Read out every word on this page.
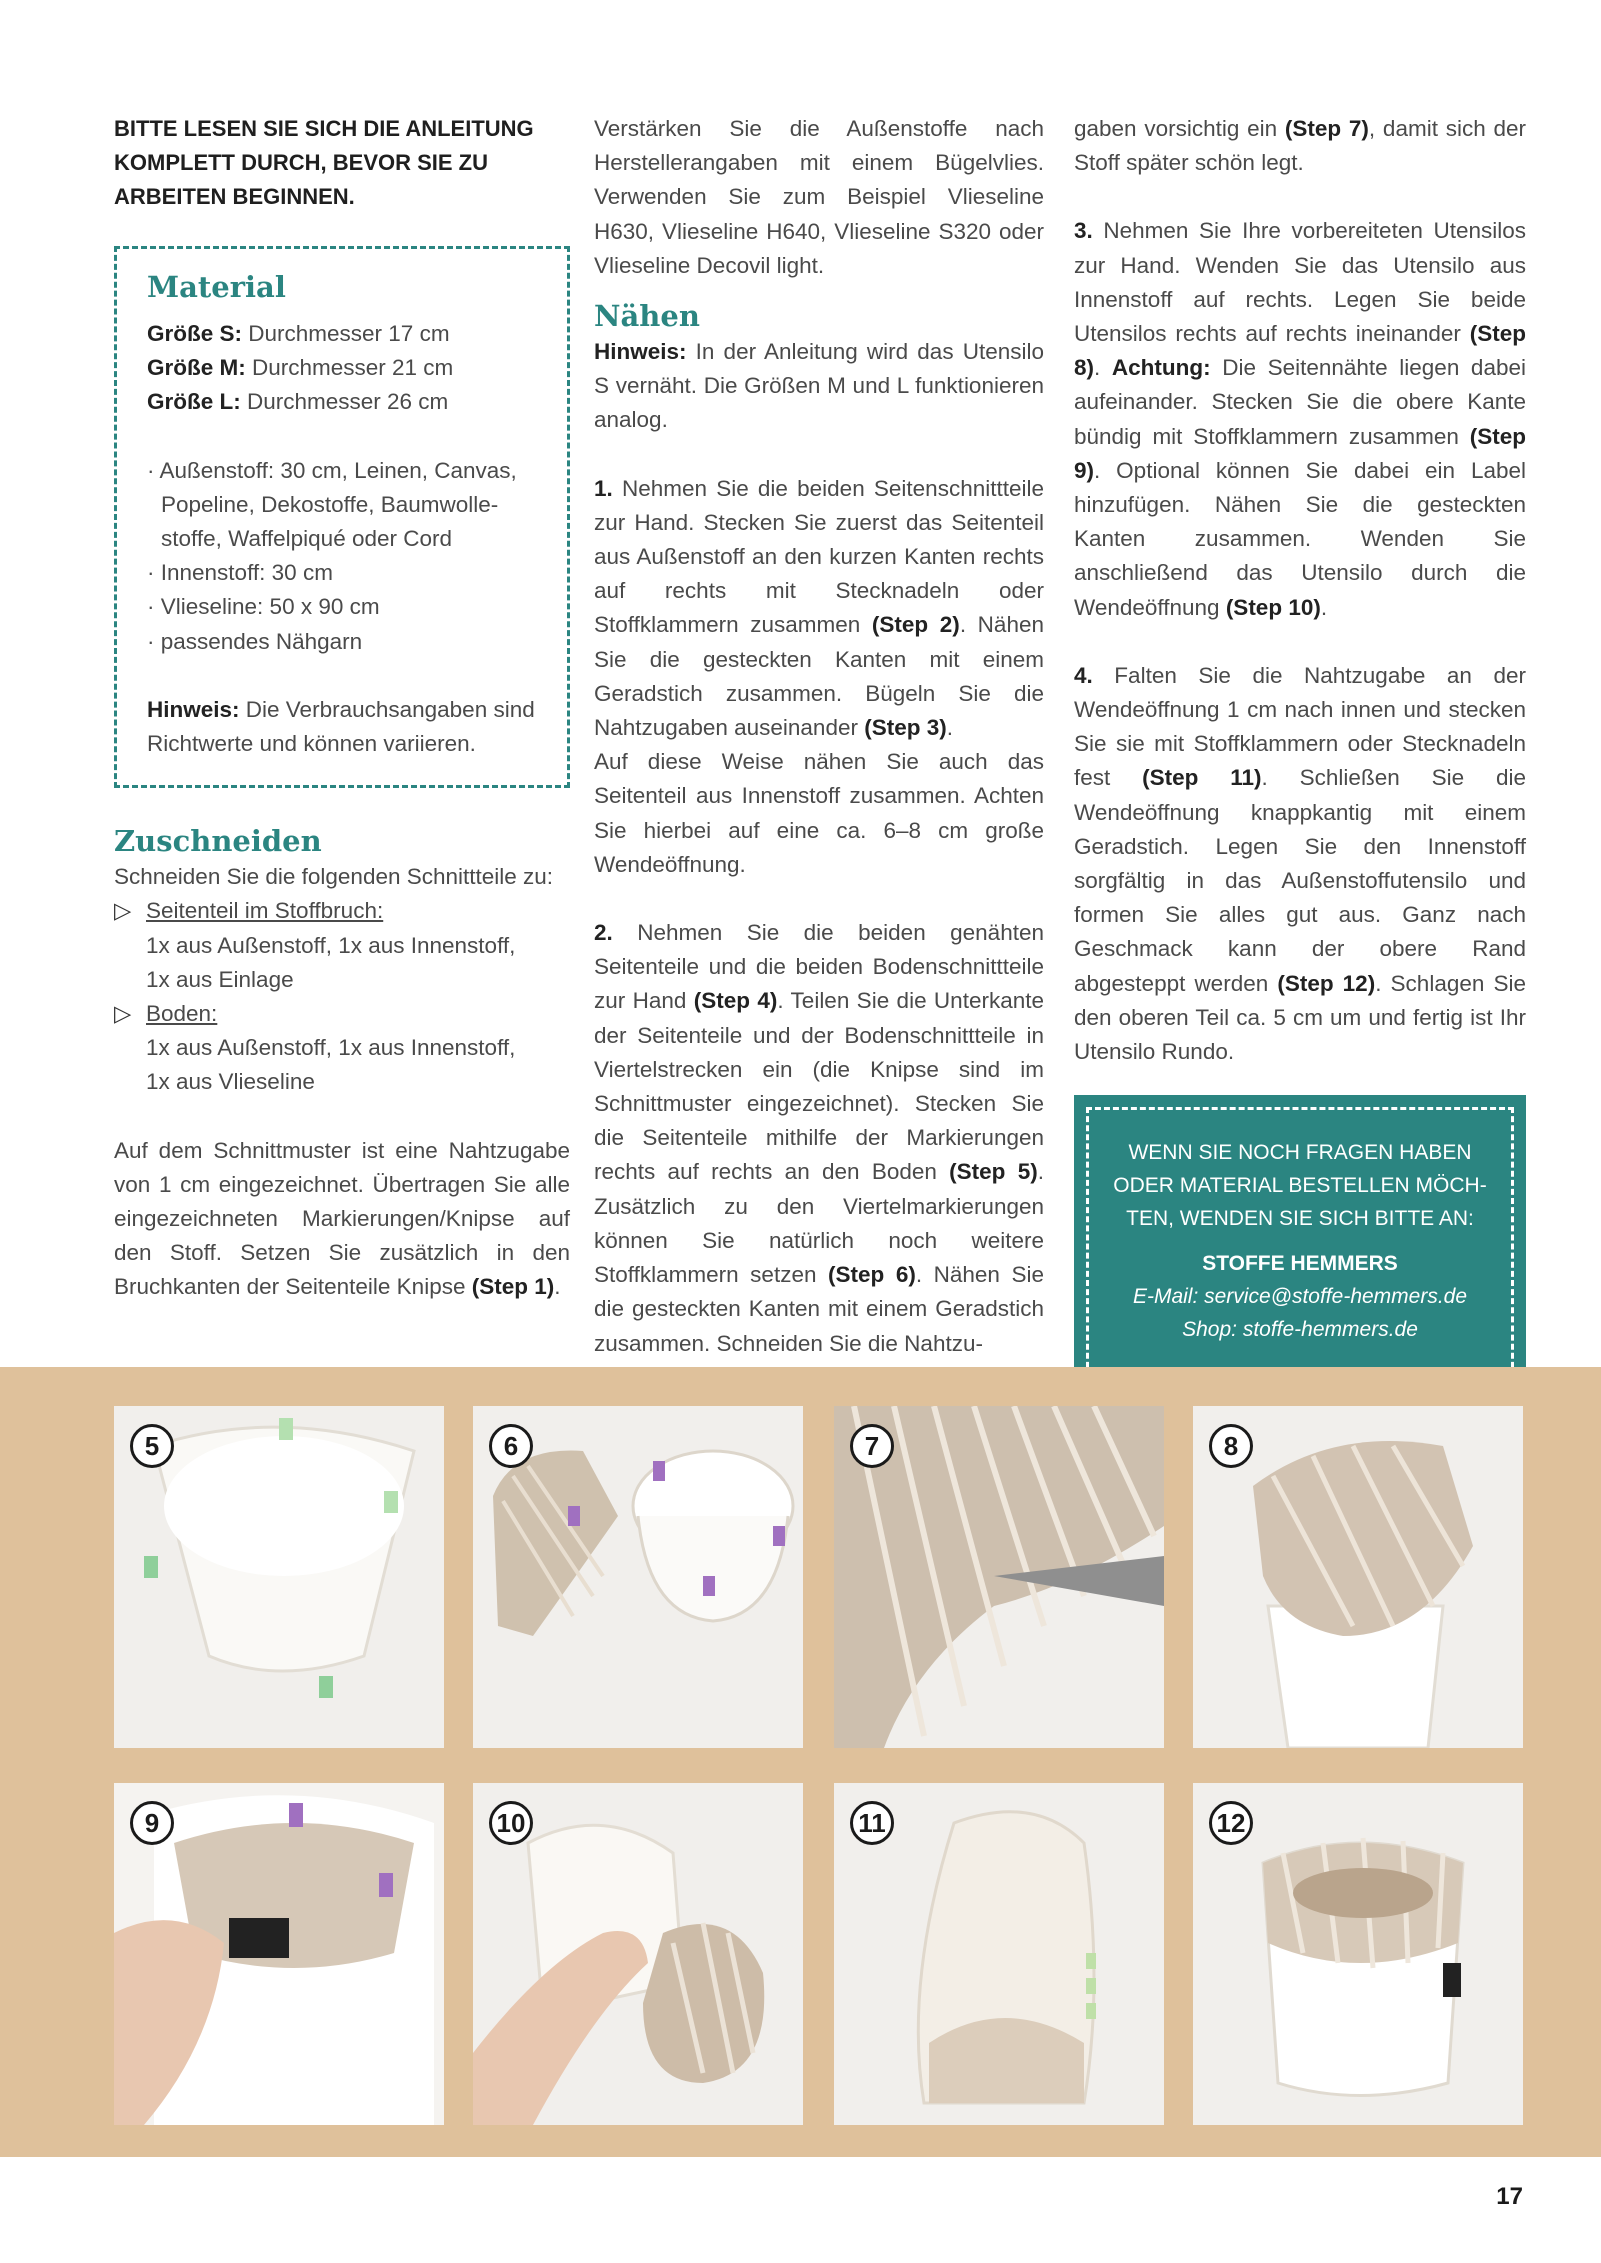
BITTE LESEN SIE SICH DIE ANLEITUNG KOMPLETT DURCH, BEVOR SIE ZU ARBEITEN BEGINNEN.

Material

Größe S: Durchmesser 17 cm

Größe M: Durchmesser 21 cm

Größe L: Durchmesser 26 cm

· Außenstoff: 30 cm, Leinen, Canvas, Popeline, Dekostoffe, Baumwolle-stoffe, Waffelpiqué oder Cord

· Innenstoff: 30 cm

· Vlieseline: 50 x 90 cm

· passendes Nähgarn

Hinweis: Die Verbrauchsangaben sind Richtwerte und können variieren.

Zuschneiden

Schneiden Sie die folgenden Schnittteile zu:

▷ Seitenteil im Stoffbruch:

1x aus Außenstoff, 1x aus Innenstoff,

1x aus Einlage

▷ Boden:

1x aus Außenstoff, 1x aus Innenstoff,

1x aus Vlieseline

Auf dem Schnittmuster ist eine Nahtzugabe von 1 cm eingezeichnet. Übertragen Sie alle eingezeichneten Markierungen/Knipse auf den Stoff. Setzen Sie zusätzlich in den Bruchkanten der Seitenteile Knipse (Step 1).

Verstärken Sie die Außenstoffe nach Herstellerangaben mit einem Bügelvlies. Verwenden Sie zum Beispiel Vlieseline H630, Vlieseline H640, Vlieseline S320 oder Vlieseline Decovil light.

Nähen

Hinweis: In der Anleitung wird das Utensilo S vernäht. Die Größen M und L funktionieren analog.

1. Nehmen Sie die beiden Seitenschnittteile zur Hand. Stecken Sie zuerst das Seitenteil aus Außenstoff an den kurzen Kanten rechts auf rechts mit Stecknadeln oder Stoffklammern zusammen (Step 2). Nähen Sie die gesteckten Kanten mit einem Geradstich zusammen. Bügeln Sie die Nahtzugaben auseinander (Step 3).

Auf diese Weise nähen Sie auch das Seitenteil aus Innenstoff zusammen. Achten Sie hierbei auf eine ca. 6–8 cm große Wendeöffnung.

2. Nehmen Sie die beiden genähten Seitenteile und die beiden Bodenschnittteile zur Hand (Step 4). Teilen Sie die Unterkante der Seitenteile und der Bodenschnittteile in Viertelstrecken ein (die Knipse sind im Schnittmuster eingezeichnet). Stecken Sie die Seitenteile mithilfe der Markierungen rechts auf rechts an den Boden (Step 5). Zusätzlich zu den Viertelmarkierungen können Sie natürlich noch weitere Stoffklammern setzen (Step 6). Nähen Sie die gesteckten Kanten mit einem Geradstich zusammen. Schneiden Sie die Nahtzu-

gaben vorsichtig ein (Step 7), damit sich der Stoff später schön legt.

3. Nehmen Sie Ihre vorbereiteten Utensilos zur Hand. Wenden Sie das Utensilo aus Innenstoff auf rechts. Legen Sie beide Utensilos rechts auf rechts ineinander (Step 8). Achtung: Die Seitennähte liegen dabei aufeinander. Stecken Sie die obere Kante bündig mit Stoffklammern zusammen (Step 9). Optional können Sie dabei ein Label hinzufügen. Nähen Sie die gesteckten Kanten zusammen. Wenden Sie anschließend das Utensilo durch die Wendeöffnung (Step 10).

4. Falten Sie die Nahtzugabe an der Wendeöffnung 1 cm nach innen und stecken Sie sie mit Stoffklammern oder Stecknadeln fest (Step 11). Schließen Sie die Wendeöffnung knappkantig mit einem Geradstich. Legen Sie den Innenstoff sorgfältig in das Außenstoffutensilo und formen Sie alles gut aus. Ganz nach Geschmack kann der obere Rand abgesteppt werden (Step 12). Schlagen Sie den oberen Teil ca. 5 cm um und fertig ist Ihr Utensilo Rundo.

WENN SIE NOCH FRAGEN HABEN
ODER MATERIAL BESTELLEN MÖCH-
TEN, WENDEN SIE SICH BITTE AN:
STOFFE HEMMERS
E-Mail: service@stoffe-hemmers.de
Shop: stoffe-hemmers.de
5	6	7	8
9	10	11	12
17
